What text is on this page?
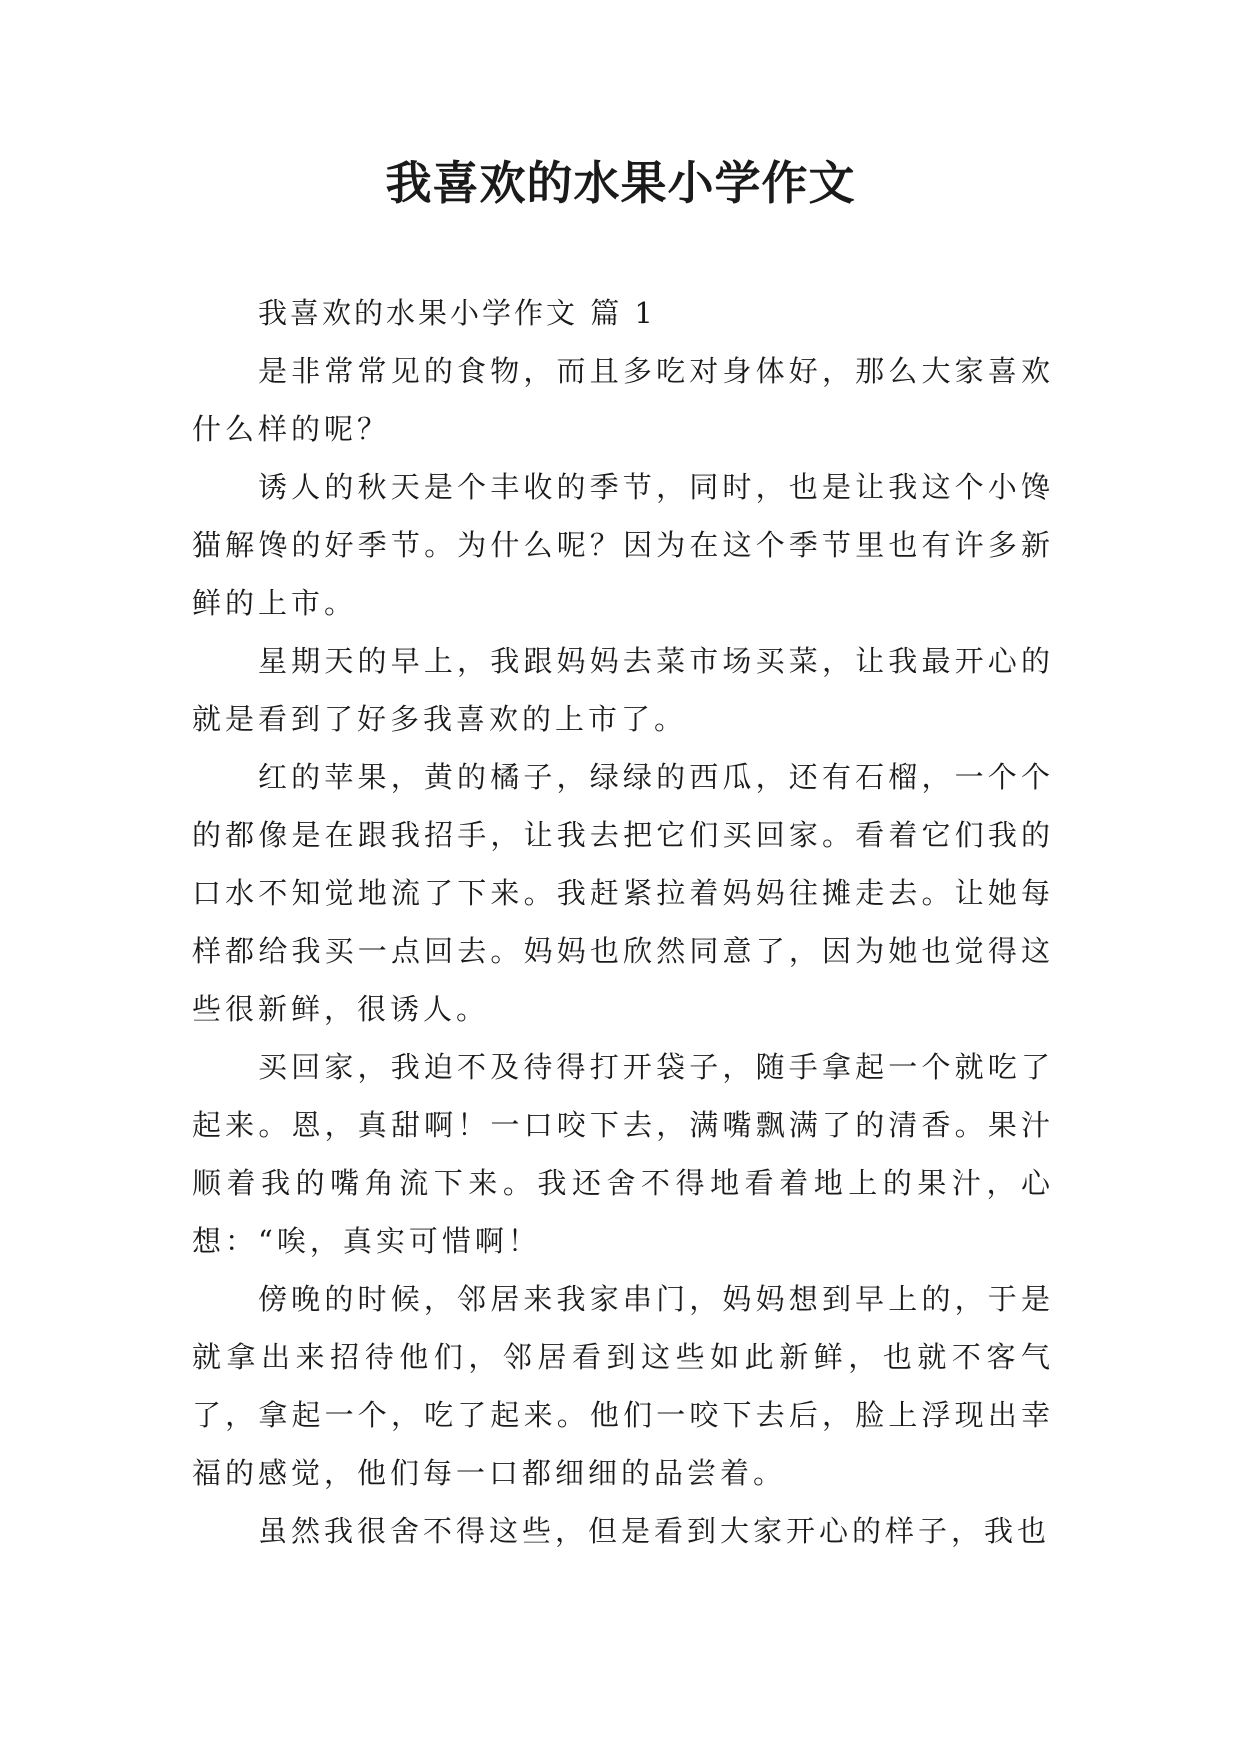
我喜欢的水果小学作文

我喜欢的水果小学作文 篇 1

是非常常见的食物，而且多吃对身体好，那么大家喜欢什么样的呢？

诱人的秋天是个丰收的季节，同时，也是让我这个小馋猫解馋的好季节。为什么呢？因为在这个季节里也有许多新鲜的上市。

星期天的早上，我跟妈妈去菜市场买菜，让我最开心的就是看到了好多我喜欢的上市了。

红的苹果，黄的橘子，绿绿的西瓜，还有石榴，一个个的都像是在跟我招手，让我去把它们买回家。看着它们我的口水不知觉地流了下来。我赶紧拉着妈妈往摊走去。让她每样都给我买一点回去。妈妈也欣然同意了，因为她也觉得这些很新鲜，很诱人。

买回家，我迫不及待得打开袋子，随手拿起一个就吃了起来。恩，真甜啊！一口咬下去，满嘴飘满了的清香。果汁顺着我的嘴角流下来。我还舍不得地看着地上的果汁，心想：“唉，真实可惜啊！

傍晚的时候，邻居来我家串门，妈妈想到早上的，于是就拿出来招待他们，邻居看到这些如此新鲜，也就不客气了，拿起一个，吃了起来。他们一咬下去后，脸上浮现出幸福的感觉，他们每一口都细细的品尝着。

虽然我很舍不得这些，但是看到大家开心的样子，我也
